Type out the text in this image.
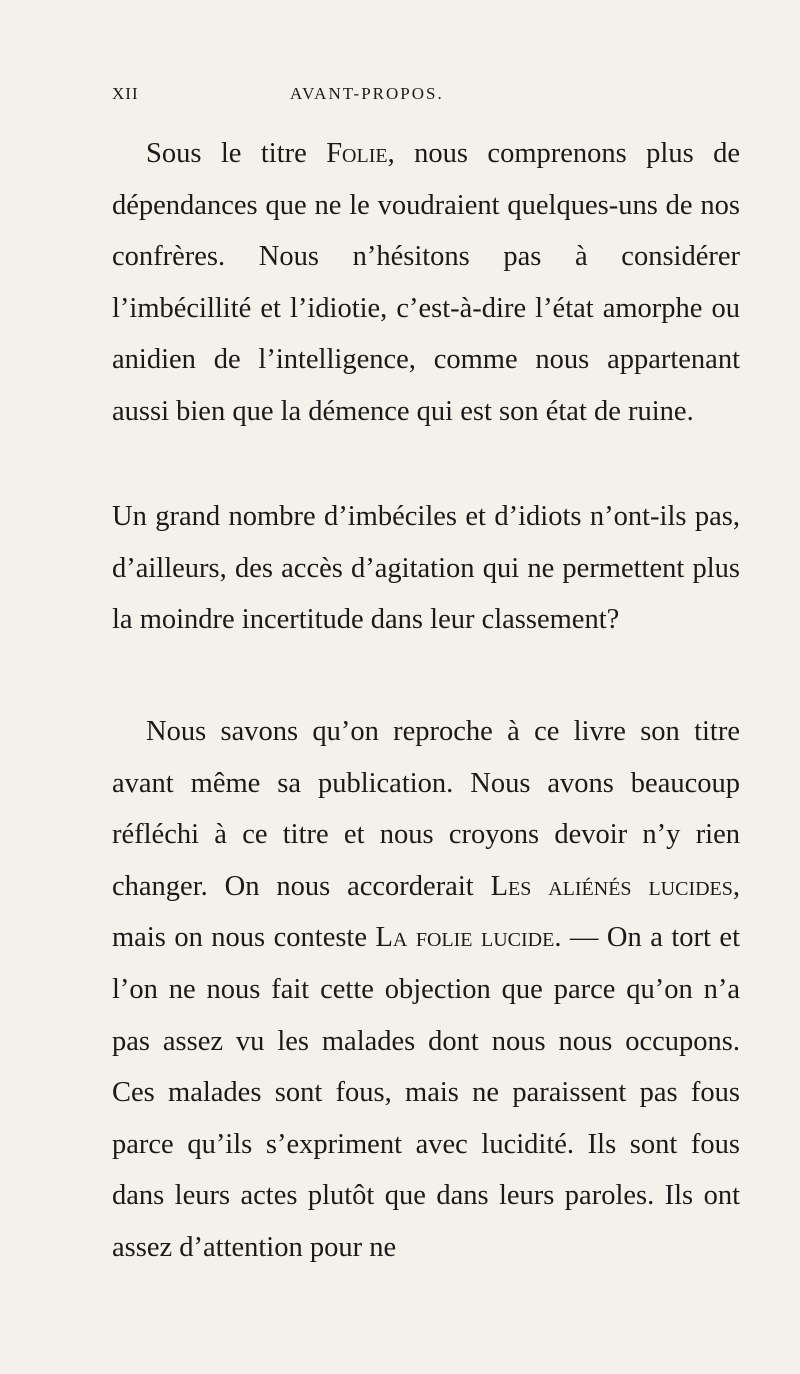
XII	AVANT-PROPOS.

Sous le titre Folie, nous comprenons plus de dépendances que ne le voudraient quelques-uns de nos confrères. Nous n’hésitons pas à considérer l’imbécillité et l’idiotie, c’est-à-dire l’état amorphe ou anidien de l’intelligence, comme nous appartenant aussi bien que la démence qui est son état de ruine.

Un grand nombre d’imbéciles et d’idiots n’ont-ils pas, d’ailleurs, des accès d’agitation qui ne permettent plus la moindre incertitude dans leur classement?

Nous savons qu’on reproche à ce livre son titre avant même sa publication. Nous avons beaucoup réfléchi à ce titre et nous croyons devoir n’y rien changer. On nous accorderait Les aliénés lucides, mais on nous conteste La folie lucide. — On a tort et l’on ne nous fait cette objection que parce qu’on n’a pas assez vu les malades dont nous nous occupons. Ces malades sont fous, mais ne paraissent pas fous parce qu’ils s’expriment avec lucidité. Ils sont fous dans leurs actes plutôt que dans leurs paroles. Ils ont assez d’attention pour ne
